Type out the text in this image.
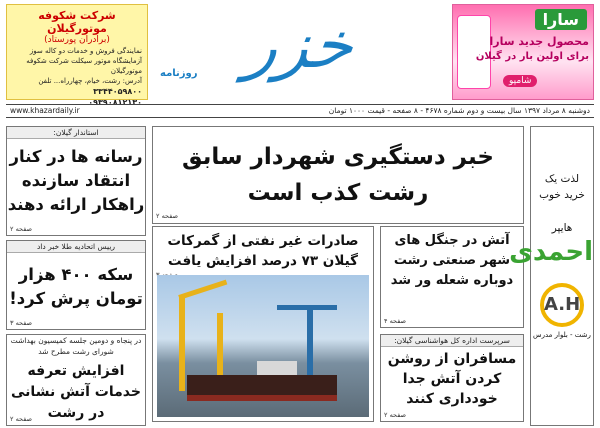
شرکت شکوفه موتورگیلان
(برادران پورستاد)
نمایندگی فروش و خدمات دو کاله سوز
آزمایشگاه موتور سیکلت شرکت شکوفه موتورگیلان
آدرس: رشت، خیام، چهارراه... تلفن
۳۳۴۴۰۵۹۸۰۰
۰۹۳۹۰۸۱۲۱۳۰
خزر
روزنامه
سارا
محصول جدید سارا
برای اولین بار در گیلان
شامپو
دوشنبه ۸ مرداد ۱۳۹۷ سال بیست و دوم شماره ۴۶۷۸ - ۸ صفحه - قیمت ۱۰۰۰ تومان
www.khazardaily.ir
استاندار گیلان:
رسانه ها در کنار انتقاد سازنده راهکار ارائه دهند
صفحه ۲
رییس اتحادیه طلا خبر داد
سکه ۴۰۰ هزار تومان پرش کرد!
صفحه ۳
در پنجاه و دومین جلسه کمیسیون بهداشت شورای رشت مطرح شد
افزایش تعرفه خدمات آتش نشانی در رشت
صفحه ۲
خبر دستگیری شهردار سابق رشت کذب است
صفحه ۲
صادرات غیر نفتی از گمرکات گیلان ۷۳ درصد افزایش یافت
آتش در جنگل های شهر صنعتی رشت دوباره شعله ور شد
صفحه ۴
سرپرست اداره کل هواشناسی گیلان:
مسافران از روشن کردن آتش جدا خودداری کنند
صفحه ۲
لذت یک
خرید خوب
هایپر
احمدی
A.H
رشت - بلوار مدرس
